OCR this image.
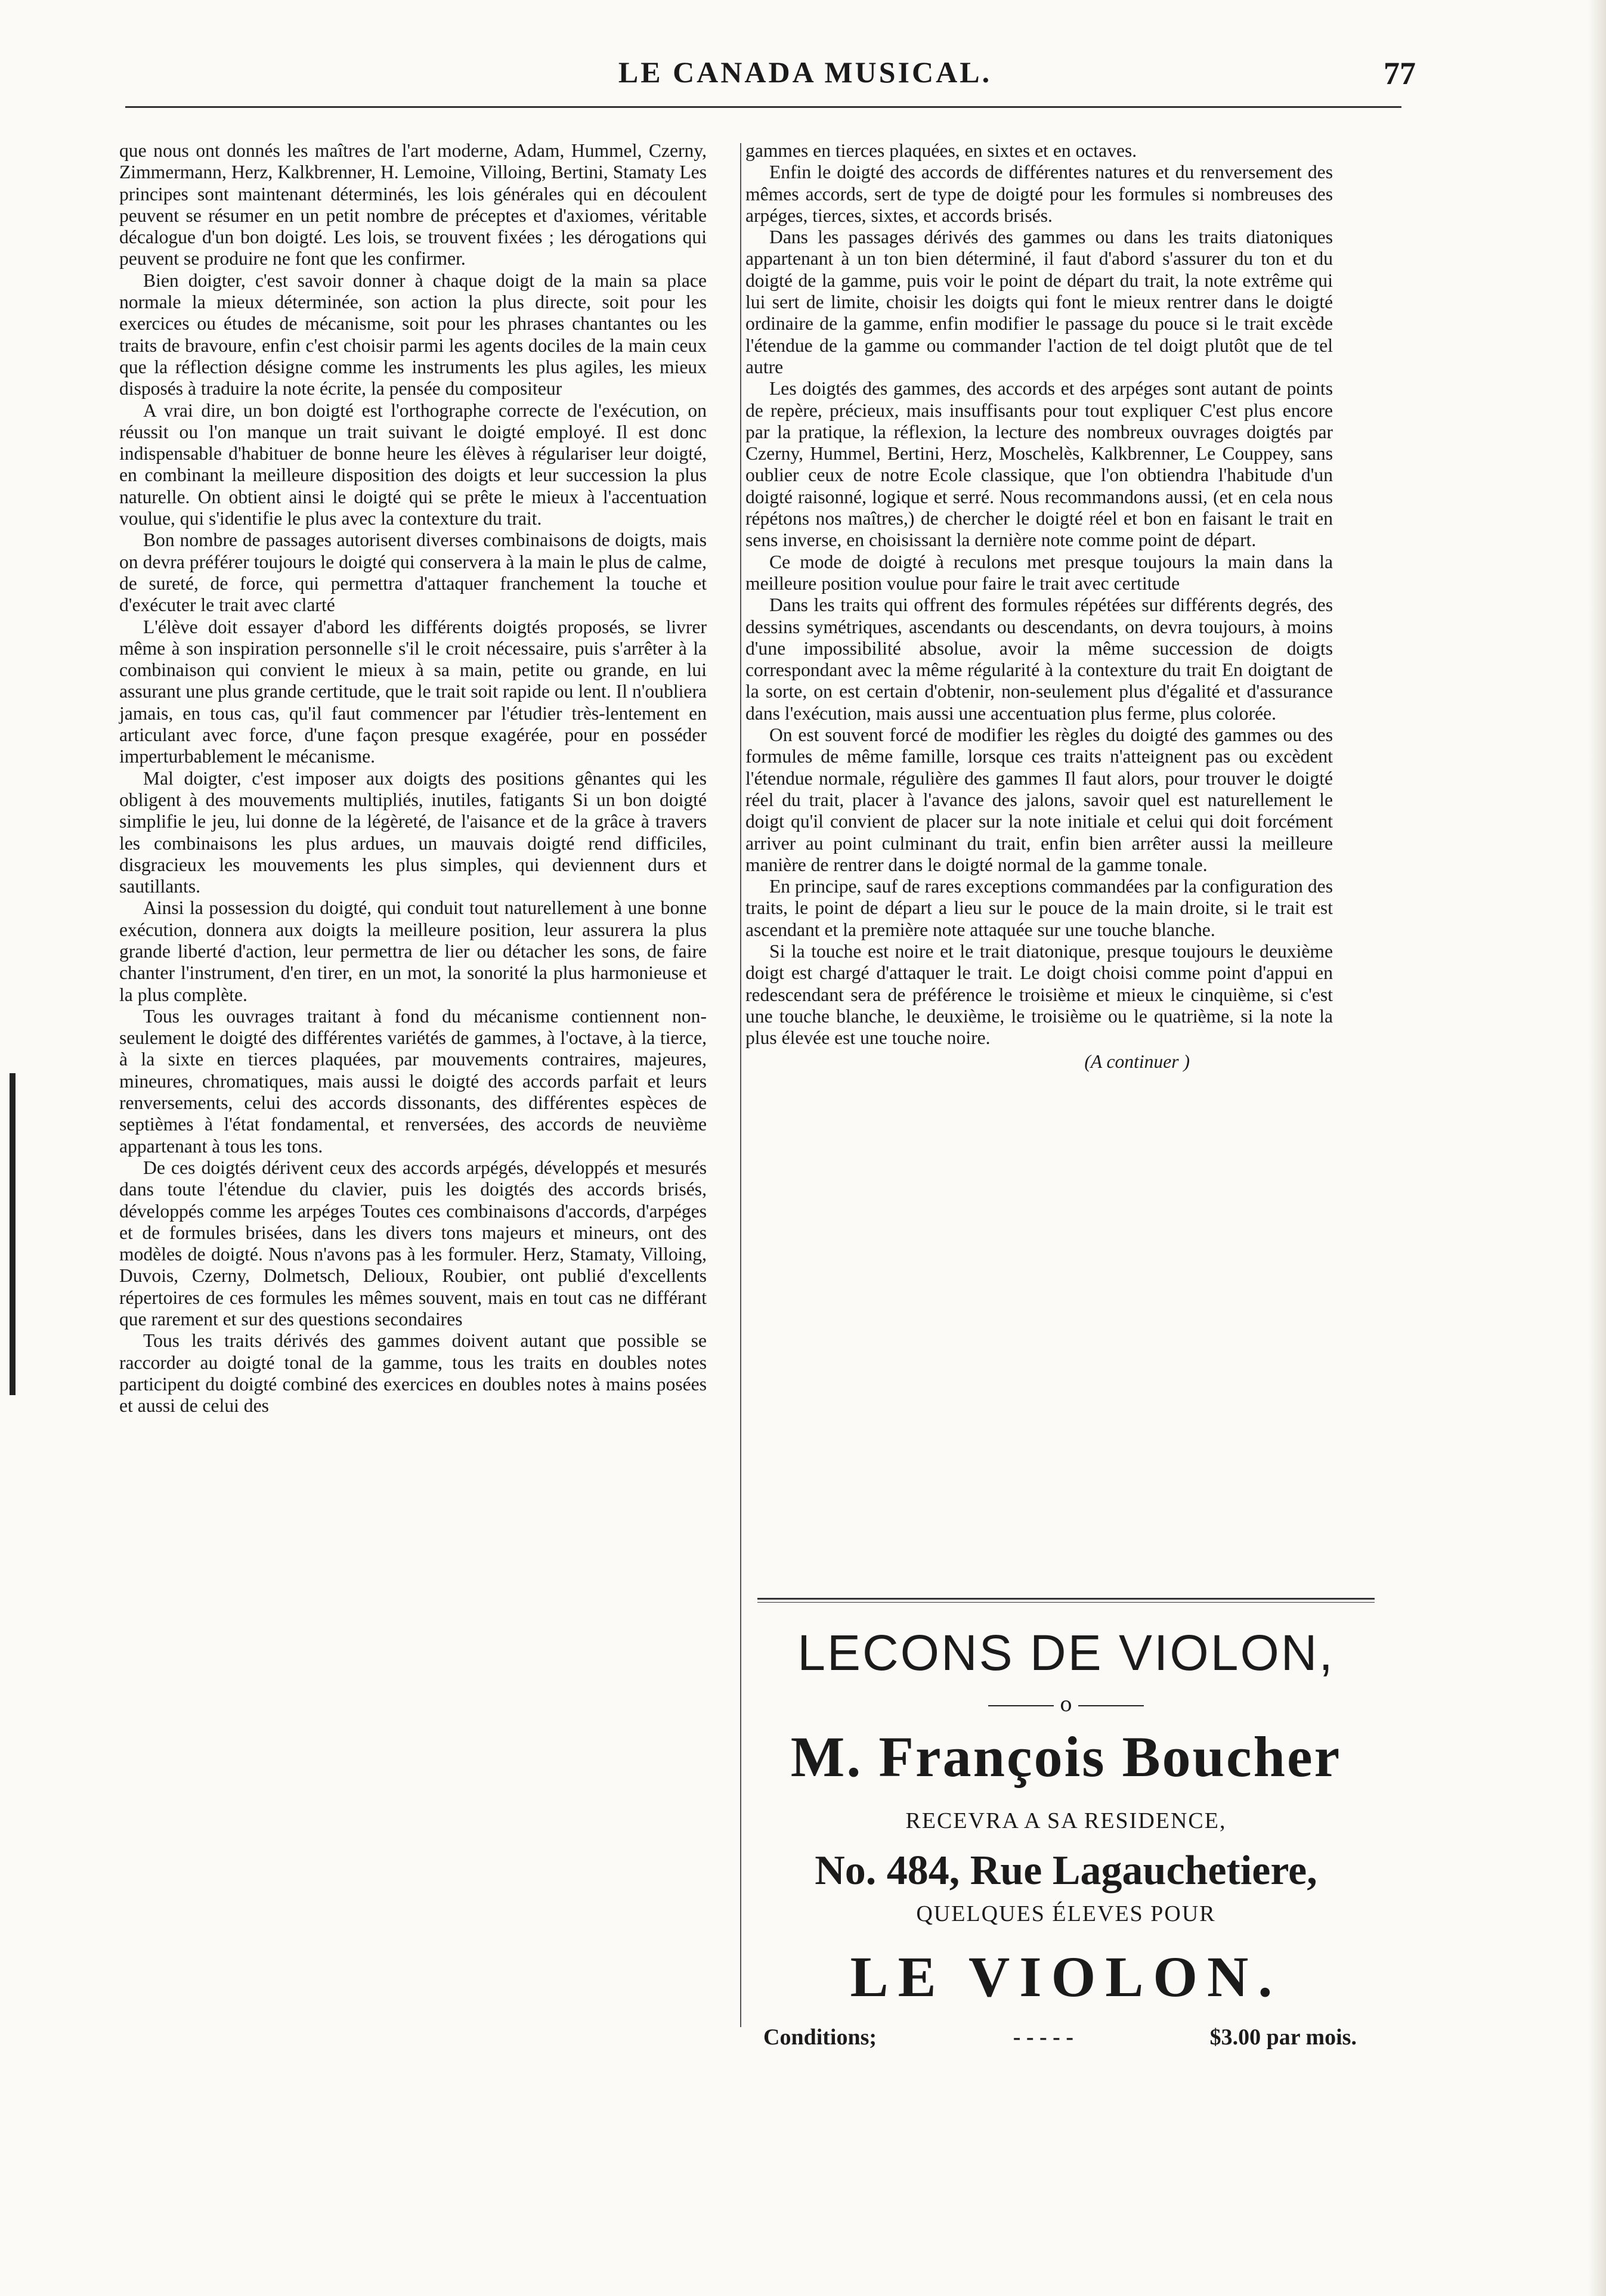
LE CANADA MUSICAL.	77

que nous ont donnés les maîtres de l'art moderne, Adam, Hummel, Czerny, Zimmermann, Herz, Kalkbrenner, H. Lemoine, Villoing, Bertini, Stamaty Les principes sont maintenant déterminés, les lois générales qui en découlent peuvent se résumer en un petit nombre de préceptes et d'axiomes, véritable décalogue d'un bon doigté. Les lois, se trouvent fixées ; les dérogations qui peuvent se produire ne font que les confirmer.

Bien doigter, c'est savoir donner à chaque doigt de la main sa place normale la mieux déterminée, son action la plus directe, soit pour les exercices ou études de mécanisme, soit pour les phrases chantantes ou les traits de bravoure, enfin c'est choisir parmi les agents dociles de la main ceux que la réflection désigne comme les instruments les plus agiles, les mieux disposés à traduire la note écrite, la pensée du compositeur

A vrai dire, un bon doigté est l'orthographe correcte de l'exécution, on réussit ou l'on manque un trait suivant le doigté employé. Il est donc indispensable d'habituer de bonne heure les élèves à régulariser leur doigté, en combinant la meilleure disposition des doigts et leur succession la plus naturelle. On obtient ainsi le doigté qui se prête le mieux à l'accentuation voulue, qui s'identifie le plus avec la contexture du trait.

Bon nombre de passages autorisent diverses combinaisons de doigts, mais on devra préférer toujours le doigté qui conservera à la main le plus de calme, de sureté, de force, qui permettra d'attaquer franchement la touche et d'exécuter le trait avec clarté

L'élève doit essayer d'abord les différents doigtés proposés, se livrer même à son inspiration personnelle s'il le croit nécessaire, puis s'arrêter à la combinaison qui convient le mieux à sa main, petite ou grande, en lui assurant une plus grande certitude, que le trait soit rapide ou lent. Il n'oubliera jamais, en tous cas, qu'il faut commencer par l'étudier très-lentement en articulant avec force, d'une façon presque exagérée, pour en posséder imperturbablement le mécanisme.

Mal doigter, c'est imposer aux doigts des positions gênantes qui les obligent à des mouvements multipliés, inutiles, fatigants Si un bon doigté simplifie le jeu, lui donne de la légèreté, de l'aisance et de la grâce à travers les combinaisons les plus ardues, un mauvais doigté rend difficiles, disgracieux les mouvements les plus simples, qui deviennent durs et sautillants.

Ainsi la possession du doigté, qui conduit tout naturellement à une bonne exécution, donnera aux doigts la meilleure position, leur assurera la plus grande liberté d'action, leur permettra de lier ou détacher les sons, de faire chanter l'instrument, d'en tirer, en un mot, la sonorité la plus harmonieuse et la plus complète.

Tous les ouvrages traitant à fond du mécanisme contiennent non-seulement le doigté des différentes variétés de gammes, à l'octave, à la tierce, à la sixte en tierces plaquées, par mouvements contraires, majeures, mineures, chromatiques, mais aussi le doigté des accords parfait et leurs renversements, celui des accords dissonants, des différentes espèces de septièmes à l'état fondamental, et renversées, des accords de neuvième appartenant à tous les tons.

De ces doigtés dérivent ceux des accords arpégés, développés et mesurés dans toute l'étendue du clavier, puis les doigtés des accords brisés, développés comme les arpéges Toutes ces combinaisons d'accords, d'arpéges et de formules brisées, dans les divers tons majeurs et mineurs, ont des modèles de doigté. Nous n'avons pas à les formuler. Herz, Stamaty, Villoing, Duvois, Czerny, Dolmetsch, Delioux, Roubier, ont publié d'excellents répertoires de ces formules les mêmes souvent, mais en tout cas ne différant que rarement et sur des questions secondaires

Tous les traits dérivés des gammes doivent autant que possible se raccorder au doigté tonal de la gamme, tous les traits en doubles notes participent du doigté combiné des exercices en doubles notes à mains posées et aussi de celui des

gammes en tierces plaquées, en sixtes et en octaves.

Enfin le doigté des accords de différentes natures et du renversement des mêmes accords, sert de type de doigté pour les formules si nombreuses des arpéges, tierces, sixtes, et accords brisés.

Dans les passages dérivés des gammes ou dans les traits diatoniques appartenant à un ton bien déterminé, il faut d'abord s'assurer du ton et du doigté de la gamme, puis voir le point de départ du trait, la note extrême qui lui sert de limite, choisir les doigts qui font le mieux rentrer dans le doigté ordinaire de la gamme, enfin modifier le passage du pouce si le trait excède l'étendue de la gamme ou commander l'action de tel doigt plutôt que de tel autre

Les doigtés des gammes, des accords et des arpéges sont autant de points de repère, précieux, mais insuffisants pour tout expliquer C'est plus encore par la pratique, la réflexion, la lecture des nombreux ouvrages doigtés par Czerny, Hummel, Bertini, Herz, Moschelès, Kalkbrenner, Le Couppey, sans oublier ceux de notre Ecole classique, que l'on obtiendra l'habitude d'un doigté raisonné, logique et serré. Nous recommandons aussi, (et en cela nous répétons nos maîtres,) de chercher le doigté réel et bon en faisant le trait en sens inverse, en choisissant la dernière note comme point de départ.

Ce mode de doigté à reculons met presque toujours la main dans la meilleure position voulue pour faire le trait avec certitude

Dans les traits qui offrent des formules répétées sur différents degrés, des dessins symétriques, ascendants ou descendants, on devra toujours, à moins d'une impossibilité absolue, avoir la même succession de doigts correspondant avec la même régularité à la contexture du trait En doigtant de la sorte, on est certain d'obtenir, non-seulement plus d'égalité et d'assurance dans l'exécution, mais aussi une accentuation plus ferme, plus colorée.

On est souvent forcé de modifier les règles du doigté des gammes ou des formules de même famille, lorsque ces traits n'atteignent pas ou excèdent l'étendue normale, régulière des gammes Il faut alors, pour trouver le doigté réel du trait, placer à l'avance des jalons, savoir quel est naturellement le doigt qu'il convient de placer sur la note initiale et celui qui doit forcément arriver au point culminant du trait, enfin bien arrêter aussi la meilleure manière de rentrer dans le doigté normal de la gamme tonale.

En principe, sauf de rares exceptions commandées par la configuration des traits, le point de départ a lieu sur le pouce de la main droite, si le trait est ascendant et la première note attaquée sur une touche blanche.

Si la touche est noire et le trait diatonique, presque toujours le deuxième doigt est chargé d'attaquer le trait. Le doigt choisi comme point d'appui en redescendant sera de préférence le troisième et mieux le cinquième, si c'est une touche blanche, le deuxième, le troisième ou le quatrième, si la note la plus élevée est une touche noire.

(A continuer )
LECONS DE VIOLON,
o
M. François Boucher
RECEVRA A SA RESIDENCE,
No. 484, Rue Lagauchetiere,
QUELQUES ÉLEVES POUR
LE VIOLON.
Conditions;	- - - - -	$3.00 par mois.
